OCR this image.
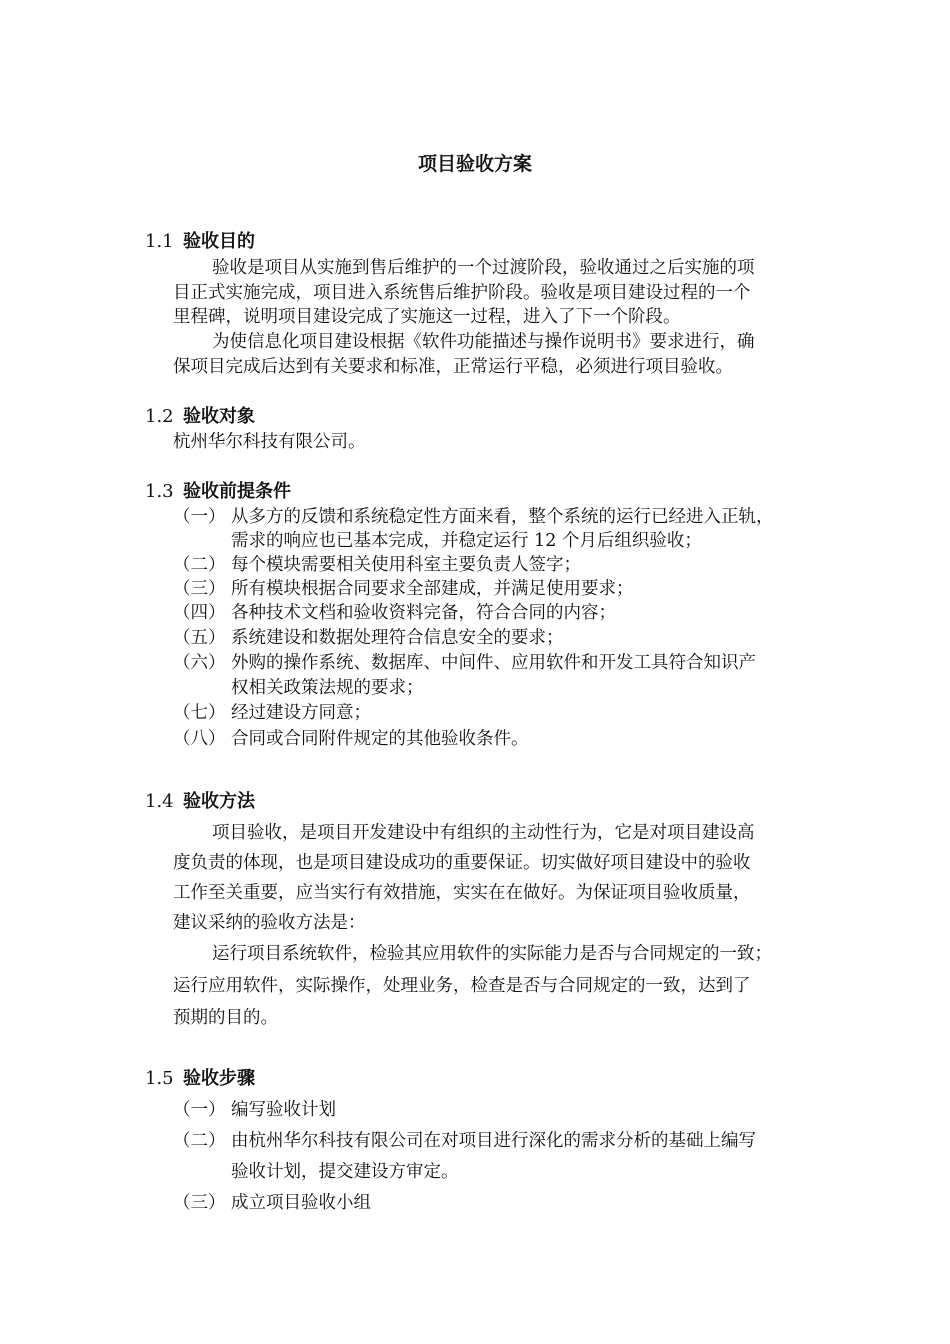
项目验收方案
1.1 验收目的
验收是项目从实施到售后维护的一个过渡阶段，验收通过之后实施的项
目正式实施完成，项目进入系统售后维护阶段。验收是项目建设过程的一个
里程碑，说明项目建设完成了实施这一过程，进入了下一个阶段。
为使信息化项目建设根据《软件功能描述与操作说明书》要求进行，确
保项目完成后达到有关要求和标准，正常运行平稳，必须进行项目验收。
1.2 验收对象
杭州华尔科技有限公司。
1.3 验收前提条件
（一） 从多方的反馈和系统稳定性方面来看，整个系统的运行已经进入正轨，
需求的响应也已基本完成，并稳定运行 12 个月后组织验收；
（二） 每个模块需要相关使用科室主要负责人签字；
（三） 所有模块根据合同要求全部建成，并满足使用要求；
（四） 各种技术文档和验收资料完备，符合合同的内容；
（五） 系统建设和数据处理符合信息安全的要求；
（六） 外购的操作系统、数据库、中间件、应用软件和开发工具符合知识产
权相关政策法规的要求；
（七） 经过建设方同意；
（八） 合同或合同附件规定的其他验收条件。
1.4 验收方法
项目验收，是项目开发建设中有组织的主动性行为，它是对项目建设高
度负责的体现，也是项目建设成功的重要保证。切实做好项目建设中的验收
工作至关重要，应当实行有效措施，实实在在做好。为保证项目验收质量，
建议采纳的验收方法是：
运行项目系统软件，检验其应用软件的实际能力是否与合同规定的一致；
运行应用软件，实际操作，处理业务，检查是否与合同规定的一致，达到了
预期的目的。
1.5 验收步骤
（一） 编写验收计划
（二） 由杭州华尔科技有限公司在对项目进行深化的需求分析的基础上编写
验收计划，提交建设方审定。
（三） 成立项目验收小组
